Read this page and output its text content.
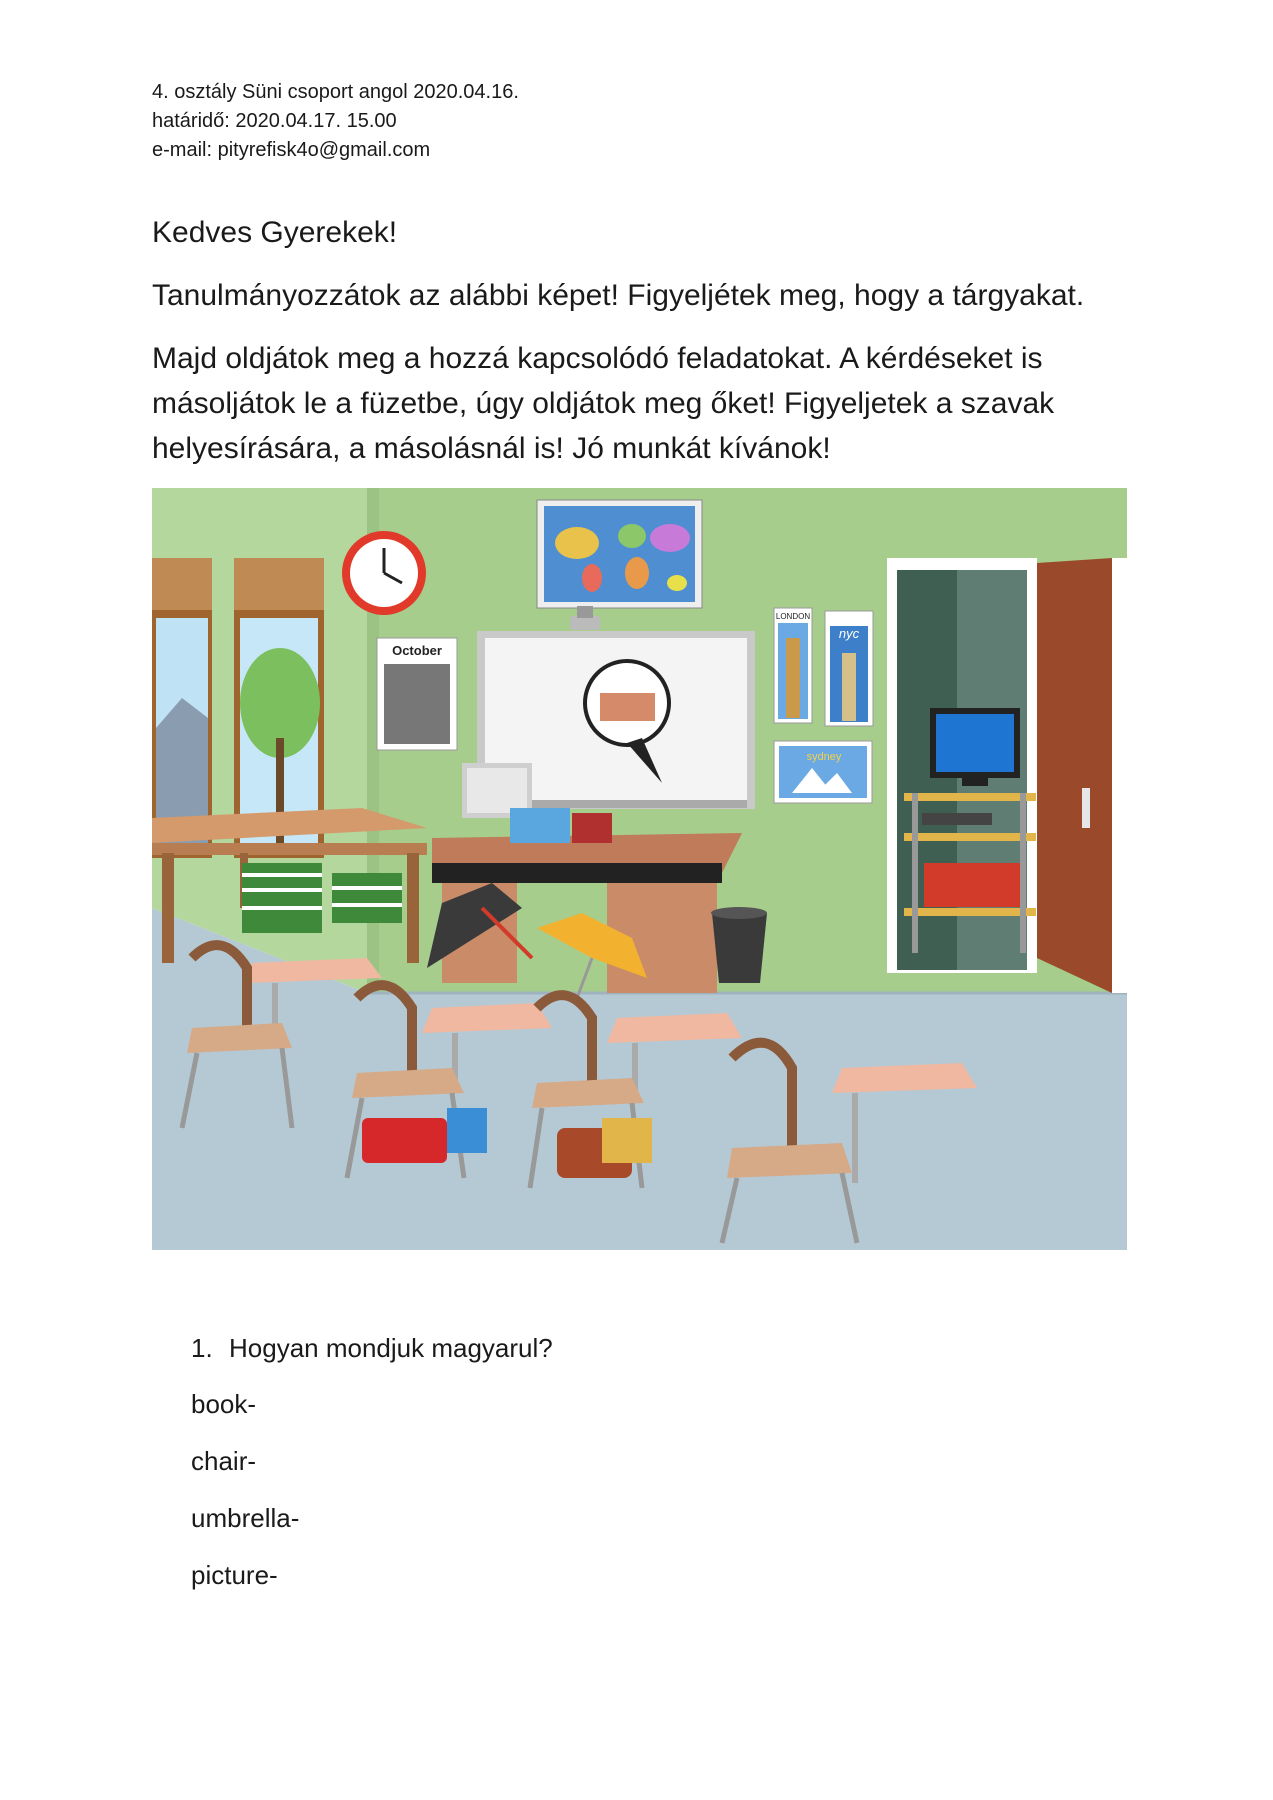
4. osztály Süni csoport angol 2020.04.16.
határidő: 2020.04.17. 15.00
e-mail: pityrefisk4o@gmail.com

Kedves Gyerekek!

Tanulmányozzátok az alábbi képet! Figyeljétek meg, hogy a tárgyakat.

Majd oldjátok meg a hozzá kapcsolódó feladatokat. A kérdéseket is másoljátok le a füzetbe, úgy oldjátok meg őket! Figyeljetek a szavak helyesírására, a másolásnál is! Jó munkát kívánok!

October
LONDON
nyc
sydney
1. Hogyan mondjuk magyarul?
book-
chair-
umbrella-
picture-
